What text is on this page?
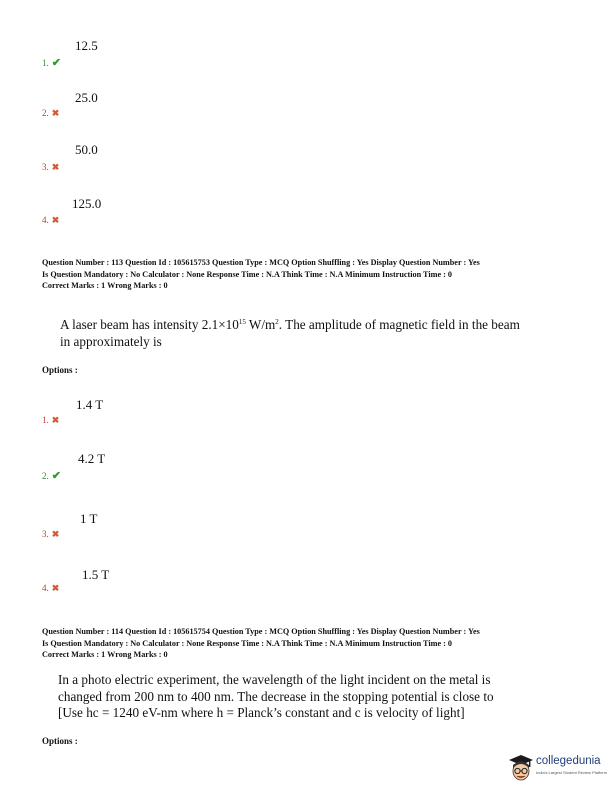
12.5
1. ✔
25.0
2. ✖
50.0
3. ✖
125.0
4. ✖
Question Number : 113 Question Id : 105615753 Question Type : MCQ Option Shuffling : Yes Display Question Number : Yes
Is Question Mandatory : No Calculator : None Response Time : N.A Think Time : N.A Minimum Instruction Time : 0
Correct Marks : 1 Wrong Marks : 0
A laser beam has intensity $2.1\times 10^{15}$ $W/m^2$. The amplitude of magnetic field in the beam
in approximately is
Options :
1.4 T
1. ✖
4.2 T
2. ✔
1 T
3. ✖
1.5 T
4. ✖
Question Number : 114 Question Id : 105615754 Question Type : MCQ Option Shuffling : Yes Display Question Number : Yes
Is Question Mandatory : No Calculator : None Response Time : N.A Think Time : N.A Minimum Instruction Time : 0
Correct Marks : 1 Wrong Marks : 0
In a photo electric experiment, the wavelength of the light incident on the metal is
changed from 200 nm to 400 nm. The decrease in the stopping potential is close to
[Use hc = 1240 eV-nm where h = Planck’s constant and c is velocity of light]
Options :
collegedunia
India's Largest Student Review Platform
